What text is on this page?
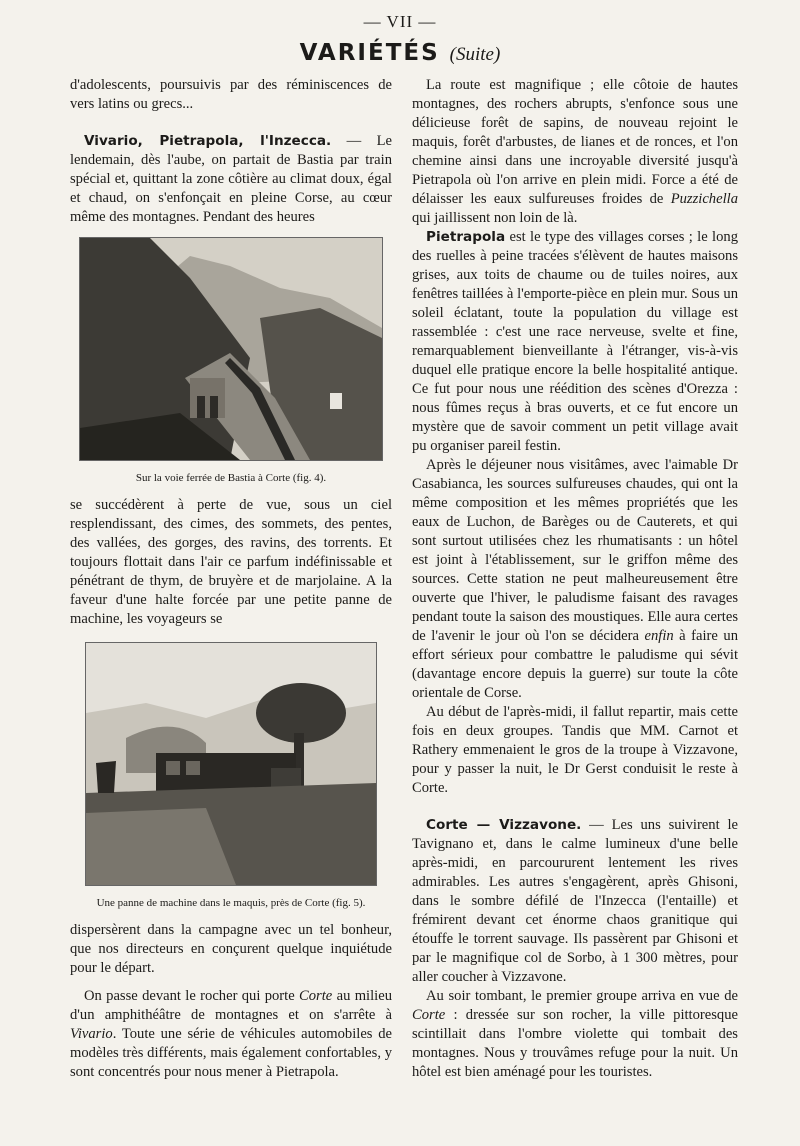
— VII —
VARIÉTÉS (Suite)

d'adolescents, poursuivis par des réminiscences de vers latins ou grecs...

Vivario, Pietrapola, l'Inzecca. — Le lendemain, dès l'aube, on partait de Bastia par train spécial et, quittant la zone côtière au climat doux, égal et chaud, on s'enfonçait en pleine Corse, au cœur même des montagnes. Pendant des heures

Sur la voie ferrée de Bastia à Corte (fig. 4).

se succédèrent à perte de vue, sous un ciel resplendissant, des cimes, des sommets, des pentes, des vallées, des gorges, des ravins, des torrents. Et toujours flottait dans l'air ce parfum indéfinissable et pénétrant de thym, de bruyère et de marjolaine. A la faveur d'une halte forcée par une petite panne de machine, les voyageurs se

Une panne de machine dans le maquis, près de Corte (fig. 5).

dispersèrent dans la campagne avec un tel bonheur, que nos directeurs en conçurent quelque inquiétude pour le départ.

On passe devant le rocher qui porte Corte au milieu d'un amphithéâtre de montagnes et on s'arrête à Vivario. Toute une série de véhicules automobiles de modèles très différents, mais également confortables, y sont concentrés pour nous mener à Pietrapola.

La route est magnifique ; elle côtoie de hautes montagnes, des rochers abrupts, s'enfonce sous une délicieuse forêt de sapins, de nouveau rejoint le maquis, forêt d'arbustes, de lianes et de ronces, et l'on chemine ainsi dans une incroyable diversité jusqu'à Pietrapola où l'on arrive en plein midi. Force a été de délaisser les eaux sulfureuses froides de Puzzichella qui jaillissent non loin de là.

Pietrapola est le type des villages corses ; le long des ruelles à peine tracées s'élèvent de hautes maisons grises, aux toits de chaume ou de tuiles noires, aux fenêtres taillées à l'emporte-pièce en plein mur. Sous un soleil éclatant, toute la population du village est rassemblée : c'est une race nerveuse, svelte et fine, remarquablement bienveillante à l'étranger, vis-à-vis duquel elle pratique encore la belle hospitalité antique. Ce fut pour nous une réédition des scènes d'Orezza : nous fûmes reçus à bras ouverts, et ce fut encore un mystère que de savoir comment un petit village avait pu organiser pareil festin.

Après le déjeuner nous visitâmes, avec l'aimable Dr Casabianca, les sources sulfureuses chaudes, qui ont la même composition et les mêmes propriétés que les eaux de Luchon, de Barèges ou de Cauterets, et qui sont surtout utilisées chez les rhumatisants : un hôtel est joint à l'établissement, sur le griffon même des sources. Cette station ne peut malheureusement être ouverte que l'hiver, le paludisme faisant des ravages pendant toute la saison des moustiques. Elle aura certes de l'avenir le jour où l'on se décidera enfin à faire un effort sérieux pour combattre le paludisme qui sévit (davantage encore depuis la guerre) sur toute la côte orientale de Corse.

Au début de l'après-midi, il fallut repartir, mais cette fois en deux groupes. Tandis que MM. Carnot et Rathery emmenaient le gros de la troupe à Vizzavone, pour y passer la nuit, le Dr Gerst conduisit le reste à Corte.

Corte — Vizzavone. — Les uns suivirent le Tavignano et, dans le calme lumineux d'une belle après-midi, en parcoururent lentement les rives admirables. Les autres s'engagèrent, après Ghisoni, dans le sombre défilé de l'Inzecca (l'entaille) et frémirent devant cet énorme chaos granitique qui étouffe le torrent sauvage. Ils passèrent par Ghisoni et par le magnifique col de Sorbo, à 1 300 mètres, pour aller coucher à Vizzavone.

Au soir tombant, le premier groupe arriva en vue de Corte : dressée sur son rocher, la ville pittoresque scintillait dans l'ombre violette qui tombait des montagnes. Nous y trouvâmes refuge pour la nuit. Un hôtel est bien aménagé pour les touristes.
